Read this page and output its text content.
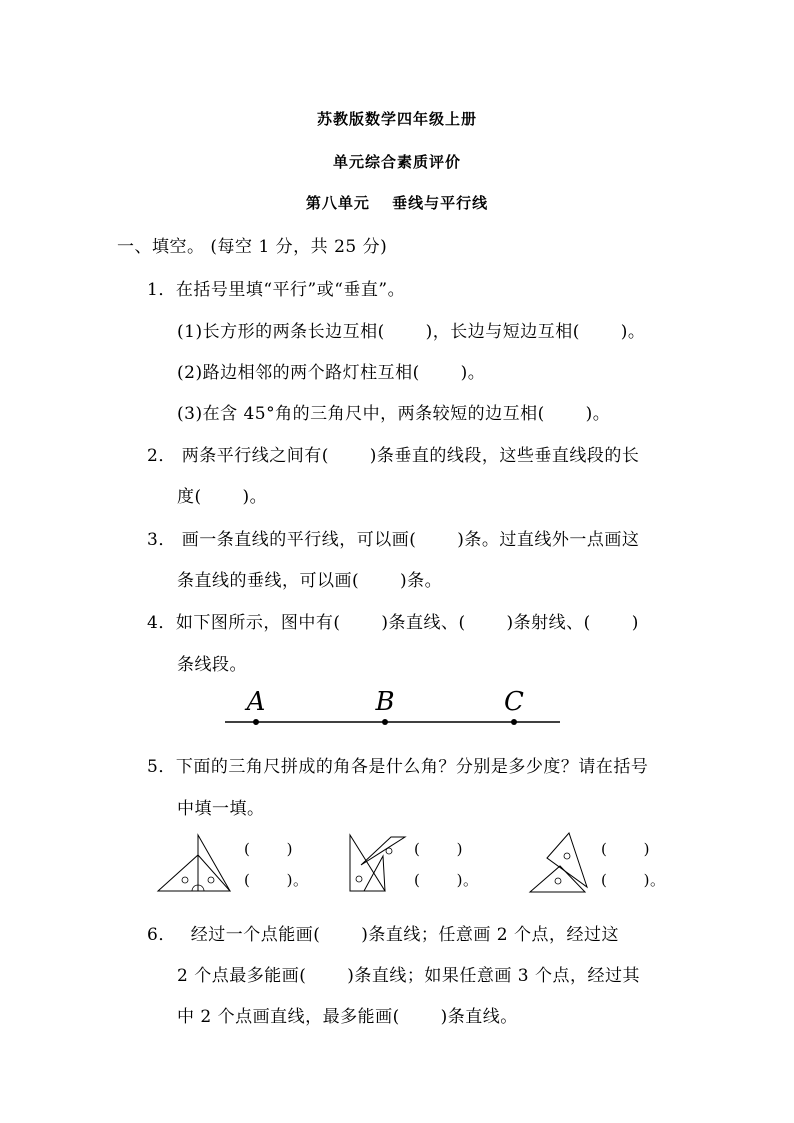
苏教版数学四年级上册
单元综合素质评价
第八单元　 垂线与平行线
一、填空。 (每空 1 分，共 25 分)
1．在括号里填“平行”或“垂直”。
(1)长方形的两条长边互相(　　 )，长边与短边互相(　　 )。
(2)路边相邻的两个路灯柱互相(　　 )。
(3)在含 45°角的三角尺中，两条较短的边互相(　　 )。
2． 两条平行线之间有(　　 )条垂直的线段，这些垂直线段的长
度(　　 )。
3． 画一条直线的平行线，可以画(　　 )条。过直线外一点画这
条直线的垂线，可以画(　　 )条。
4．如下图所示，图中有(　　 )条直线、(　　 )条射线、(　　 )
条线段。
A	B	C
5．下面的三角尺拼成的角各是什么角？分别是多少度？请在括号
中填一填。
(　　 )
(　　 )。
(　　 )
(　　 )。
(　　 )
(　　 )。
6．　 经过一个点能画(　　 )条直线；任意画 2 个点，经过这
2 个点最多能画(　　 )条直线；如果任意画 3 个点，经过其
中 2 个点画直线，最多能画(　　 )条直线。
